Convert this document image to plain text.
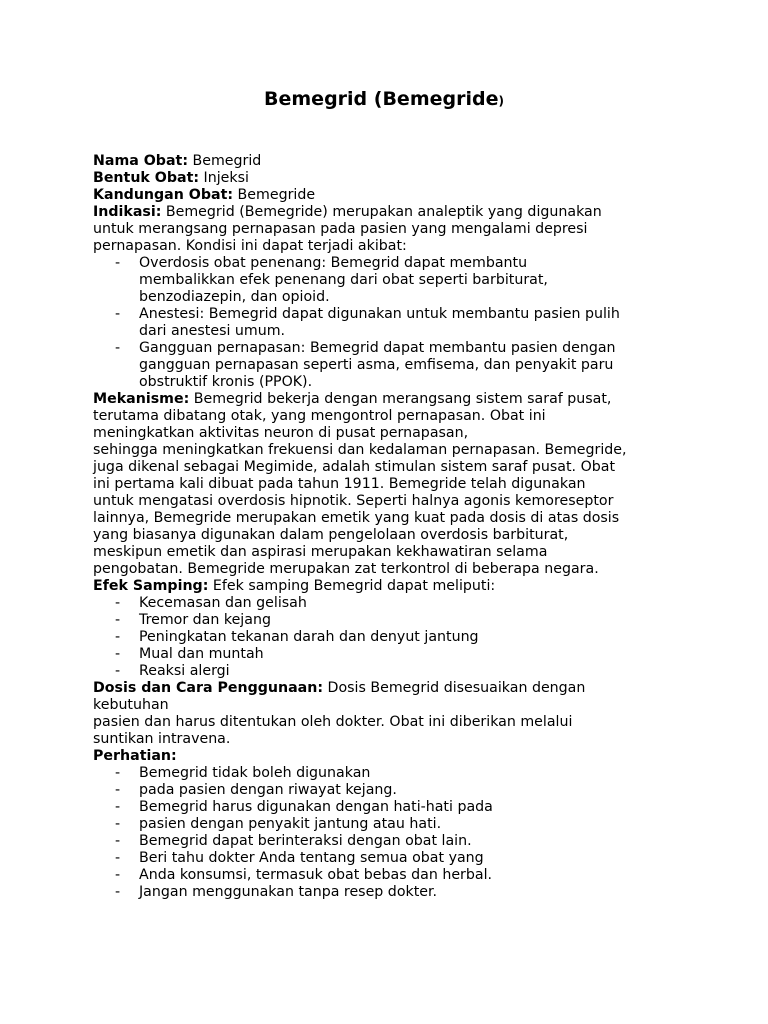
Bemegrid (Bemegride)
Nama Obat: Bemegrid
Bentuk Obat: Injeksi
Kandungan Obat: Bemegride
Indikasi: Bemegrid (Bemegride) merupakan analeptik yang digunakan
untuk merangsang pernapasan pada pasien yang mengalami depresi
pernapasan. Kondisi ini dapat terjadi akibat:
- Overdosis obat penenang: Bemegrid dapat membantu
membalikkan efek penenang dari obat seperti barbiturat,
benzodiazepin, dan opioid.
- Anestesi: Bemegrid dapat digunakan untuk membantu pasien pulih
dari anestesi umum.
- Gangguan pernapasan: Bemegrid dapat membantu pasien dengan
gangguan pernapasan seperti asma, emfisema, dan penyakit paru
obstruktif kronis (PPOK).
Mekanisme: Bemegrid bekerja dengan merangsang sistem saraf pusat,
terutama dibatang otak, yang mengontrol pernapasan. Obat ini
meningkatkan aktivitas neuron di pusat pernapasan,
sehingga meningkatkan frekuensi dan kedalaman pernapasan. Bemegride,
juga dikenal sebagai Megimide, adalah stimulan sistem saraf pusat. Obat
ini pertama kali dibuat pada tahun 1911. Bemegride telah digunakan
untuk mengatasi overdosis hipnotik. Seperti halnya agonis kemoreseptor
lainnya, Bemegride merupakan emetik yang kuat pada dosis di atas dosis
yang biasanya digunakan dalam pengelolaan overdosis barbiturat,
meskipun emetik dan aspirasi merupakan kekhawatiran selama
pengobatan. Bemegride merupakan zat terkontrol di beberapa negara.
Efek Samping: Efek samping Bemegrid dapat meliputi:
- Kecemasan dan gelisah
- Tremor dan kejang
- Peningkatan tekanan darah dan denyut jantung
- Mual dan muntah
- Reaksi alergi
Dosis dan Cara Penggunaan: Dosis Bemegrid disesuaikan dengan
kebutuhan
pasien dan harus ditentukan oleh dokter. Obat ini diberikan melalui
suntikan intravena.
Perhatian:
- Bemegrid tidak boleh digunakan
- pada pasien dengan riwayat kejang.
- Bemegrid harus digunakan dengan hati-hati pada
- pasien dengan penyakit jantung atau hati.
- Bemegrid dapat berinteraksi dengan obat lain.
- Beri tahu dokter Anda tentang semua obat yang
- Anda konsumsi, termasuk obat bebas dan herbal.
- Jangan menggunakan tanpa resep dokter.
